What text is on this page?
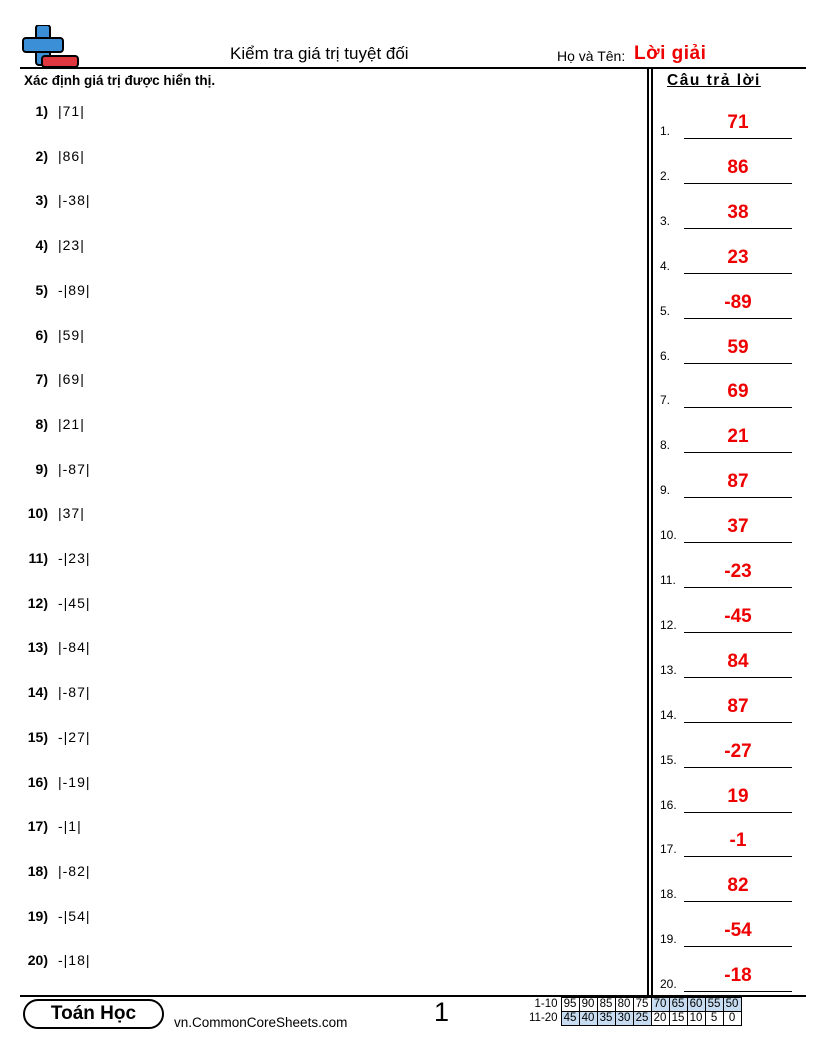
Kiểm tra giá trị tuyệt đối	Họ và Tên: Lời giải
Xác định giá trị được hiển thị.	Câu trả lời
1) |71|
2) |86|
3) |-38|
4) |23|
5) -|89|
6) |59|
7) |69|
8) |21|
9) |-87|
10) |37|
11) -|23|
12) -|45|
13) |-84|
14) |-87|
15) -|27|
16) |-19|
17) -|1|
18) |-82|
19) -|54|
20) -|18|
1.	71
2.	86
3.	38
4.	23
5.	-89
6.	59
7.	69
8.	21
9.	87
10.	37
11.	-23
12.	-45
13.	84
14.	87
15.	-27
16.	19
17.	-1
18.	82
19.	-54
20.	-18
Toán Học	vn.CommonCoreSheets.com	1	1-10	95	90	85	80	75	70	65	60	55	50
11-20	45	40	35	30	25	20	15	10	5	0
